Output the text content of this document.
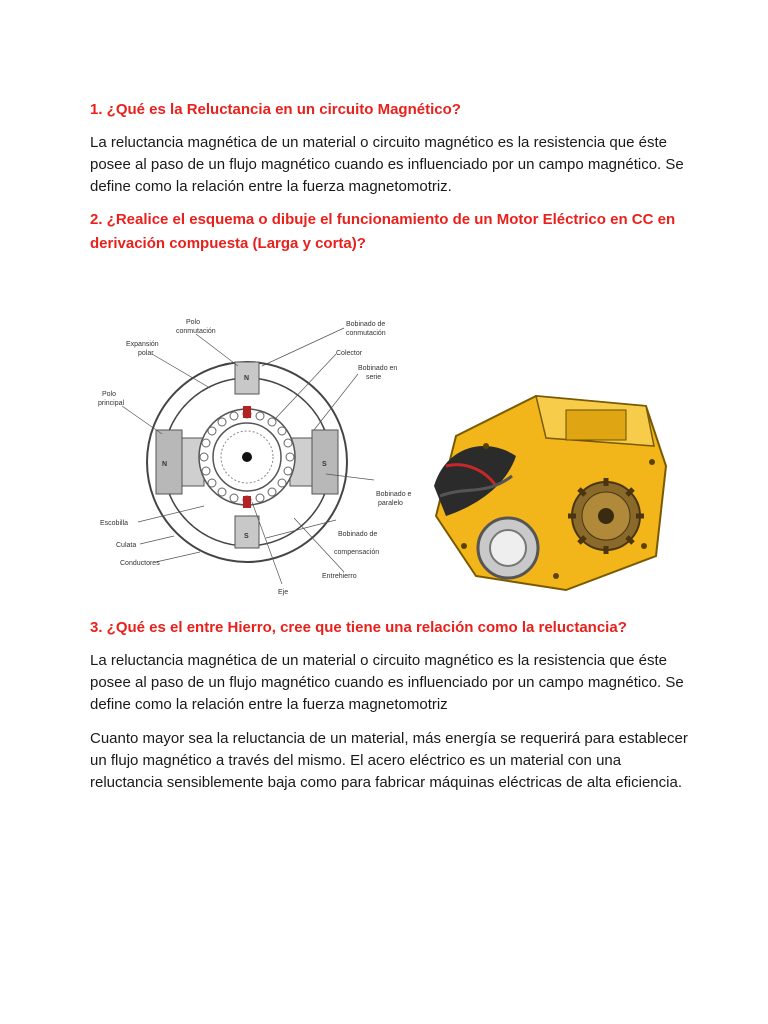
1. ¿Qué es la Reluctancia en un circuito Magnético?

La reluctancia magnética de un material o circuito magnético es la resistencia que éste posee al paso de un flujo magnético cuando es influenciado por un campo magnético. Se define como la relación entre la fuerza magnetomotriz.

2. ¿Realice el esquema o dibuje el funcionamiento de un Motor Eléctrico en CC en derivación compuesta (Larga y corta)?
N
N	S
S
Polo
conmutación
Expansión
polar
Polo
principal
Bobinado de
conmutación
Colector
Bobinado en
serie
Bobinado e
paralelo
Bobinado de
compensación
Escobilla
Culata
Conductores
Entrehierro
Eje
3. ¿Qué es el entre Hierro, cree que tiene una relación como la reluctancia?

La reluctancia magnética de un material o circuito magnético es la resistencia que éste posee al paso de un flujo magnético cuando es influenciado por un campo magnético. Se define como la relación entre la fuerza magnetomotriz

Cuanto mayor sea la reluctancia de un material, más energía se requerirá para establecer un flujo magnético a través del mismo. El acero eléctrico es un material con una reluctancia sensiblemente baja como para fabricar máquinas eléctricas de alta eficiencia.
